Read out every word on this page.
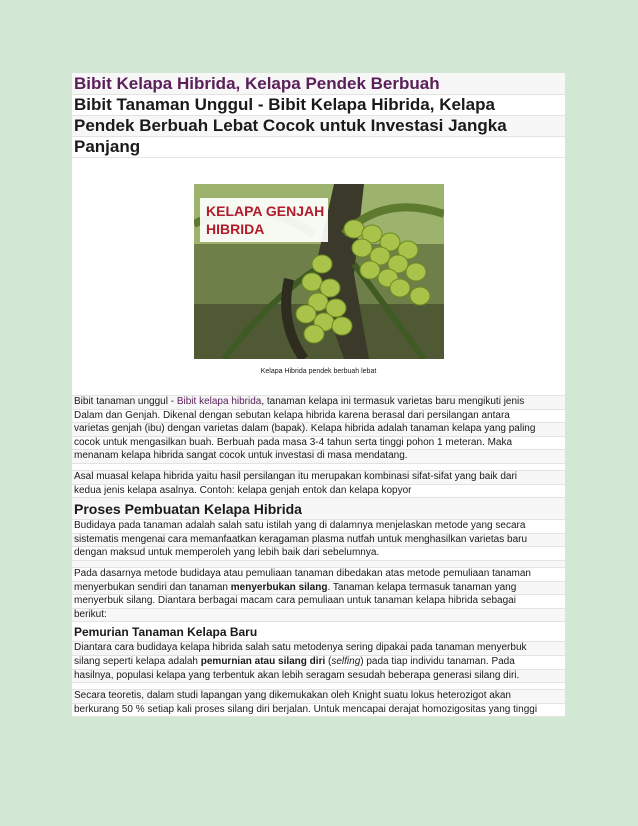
Bibit Kelapa Hibrida, Kelapa Pendek Berbuah
Bibit Tanaman Unggul - Bibit Kelapa Hibrida, Kelapa
Pendek Berbuah Lebat Cocok untuk Investasi Jangka
Panjang
KELAPA GENJAH
HIBRIDA
Kelapa Hibrida pendek berbuah lebat
Bibit tanaman unggul - Bibit kelapa hibrida, tanaman kelapa ini termasuk varietas baru mengikuti jenis
Dalam dan Genjah. Dikenal dengan sebutan kelapa hibrida karena berasal dari persilangan antara
varietas genjah (ibu) dengan varietas dalam (bapak). Kelapa hibrida adalah tanaman kelapa yang paling
cocok untuk mengasilkan buah. Berbuah pada masa 3-4 tahun serta tinggi pohon 1 meteran. Maka
menanam kelapa hibrida sangat cocok untuk investasi di masa mendatang.
Asal muasal kelapa hibrida yaitu hasil persilangan itu merupakan kombinasi sifat-sifat yang baik dari
kedua jenis kelapa asalnya. Contoh: kelapa genjah entok dan kelapa kopyor
Proses Pembuatan Kelapa Hibrida
Budidaya pada tanaman adalah salah satu istilah yang di dalamnya menjelaskan metode yang secara
sistematis mengenai cara memanfaatkan keragaman plasma nutfah untuk menghasilkan varietas baru
dengan maksud untuk memperoleh yang lebih baik dari sebelumnya.
Pada dasarnya metode budidaya atau pemuliaan tanaman dibedakan atas metode pemuliaan tanaman
menyerbukan sendiri dan tanaman menyerbukan silang. Tanaman kelapa termasuk tanaman yang
menyerbuk silang. Diantara berbagai macam cara pemuliaan untuk tanaman kelapa hibrida sebagai
berikut:
Pemurian Tanaman Kelapa Baru
Diantara cara budidaya kelapa hibrida salah satu metodenya sering dipakai pada tanaman menyerbuk
silang seperti kelapa adalah pemurnian atau silang diri (selfing) pada tiap individu tanaman. Pada
hasilnya, populasi kelapa yang terbentuk akan lebih seragam sesudah beberapa generasi silang diri.
Secara teoretis, dalam studi lapangan yang dikemukakan oleh Knight suatu lokus heterozigot akan
berkurang 50 % setiap kali proses silang diri berjalan. Untuk mencapai derajat homozigositas yang tinggi
